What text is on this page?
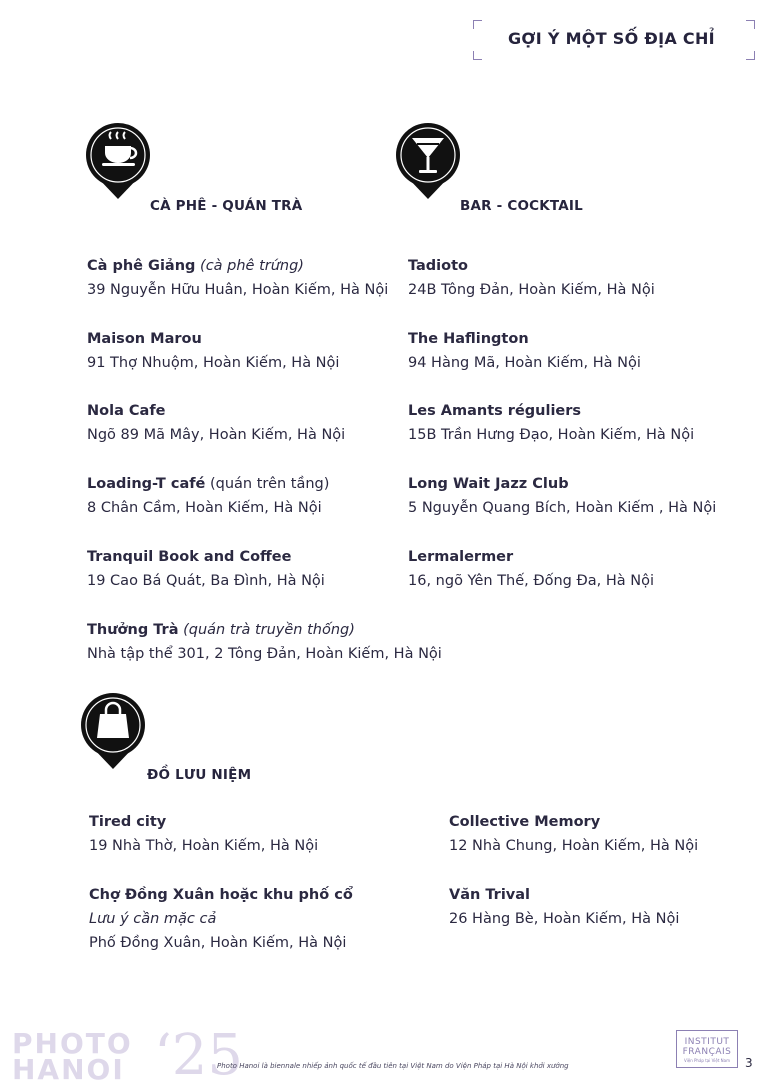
GỢI Ý MỘT SỐ ĐỊA CHỈ
CÀ PHÊ - QUÁN TRÀ	BAR - COCKTAIL
Cà phê Giảng (cà phê trứng)
39 Nguyễn Hữu Huân, Hoàn Kiếm, Hà Nội
Maison Marou
91 Thợ Nhuộm, Hoàn Kiếm, Hà Nội
Nola Cafe
Ngõ 89 Mã Mây, Hoàn Kiếm, Hà Nội
Loading-T café (quán trên tầng)
8 Chân Cầm, Hoàn Kiếm, Hà Nội
Tranquil Book and Coffee
19 Cao Bá Quát, Ba Đình, Hà Nội
Thưởng Trà (quán trà truyền thống)
Nhà tập thể 301, 2 Tông Đản, Hoàn Kiếm, Hà Nội
Tadioto
24B Tông Đản, Hoàn Kiếm, Hà Nội
The Haflington
94 Hàng Mã, Hoàn Kiếm, Hà Nội
Les Amants réguliers
15B Trần Hưng Đạo, Hoàn Kiếm, Hà Nội
Long Wait Jazz Club
5 Nguyễn Quang Bích, Hoàn Kiếm , Hà Nội
Lermalermer
16, ngõ Yên Thế, Đống Đa, Hà Nội
ĐỒ LƯU NIỆM
Tired city
19 Nhà Thờ, Hoàn Kiếm, Hà Nội
Collective Memory
12 Nhà Chung, Hoàn Kiếm, Hà Nội
Chợ Đồng Xuân hoặc khu phố cổ
Lưu ý cần mặc cả
Phố Đồng Xuân, Hoàn Kiếm, Hà Nội
Văn Trival
26 Hàng Bè, Hoàn Kiếm, Hà Nội
PHOTO
HANOI ‘25
Photo Hanoi là biennale nhiếp ảnh quốc tế đầu tiên tại Việt Nam do Viện Pháp tại Hà Nội khởi xướng
INSTITUT
FRANÇAIS
Viện Pháp tại Việt Nam	3
